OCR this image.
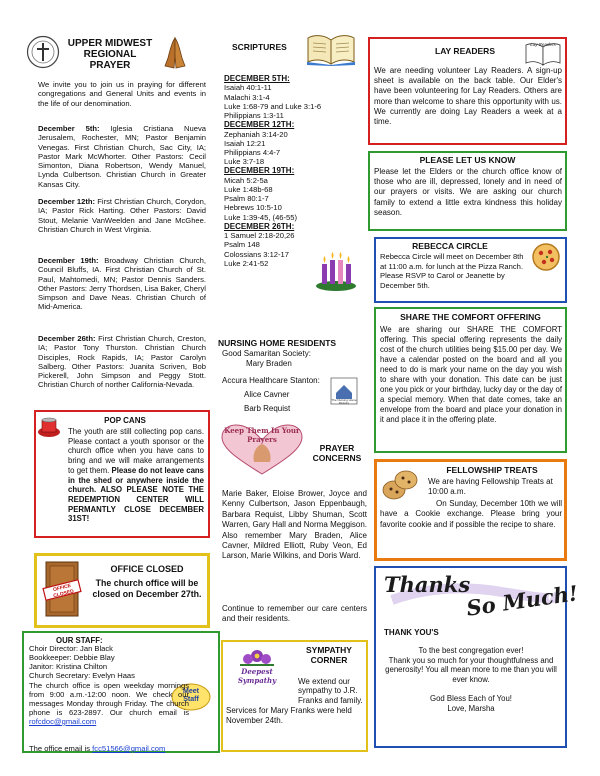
UPPER MIDWEST
REGIONAL
PRAYER
We invite you to join us in praying for different congregations and General Units and events in the life of our denomination.
December 5th: Iglesia Cristiana Nueva Jerusalem, Rochester, MN; Pastor Benjamin Venegas. First Christian Church, Sac City, IA; Pastor Mark McWhorter. Other Pastors: Cecil Simonton, Diana Robertson, Wendy Manuel, Lynda Culbertson. Christian Church in Greater Kansas City.
December 12th: First Christian Church, Corydon, IA; Pastor Rick Harting. Other Pastors: David Stout, Melanie VanWeelden and Jane McGhee. Christian Church in West Virginia.
December 19th: Broadway Christian Church, Council Bluffs, IA. First Christian Church of St. Paul, Mahtomedi, MN; Pastor Dennis Sanders. Other Pastors: Jerry Thordsen, Lisa Baker, Cheryl Simpson and Dave Neas. Christian Church of Mid-America.
December 26th: First Christian Church, Creston, IA; Pastor Tony Thurston. Christian Church Disciples, Rock Rapids, IA; Pastor Carolyn Salberg. Other Pastors: Juanita Scriven, Bob Pickerell, John Simpson and Peggy Stott. Christian Church of norther California-Nevada.
POP CANS
The youth are still collecting pop cans. Please contact a youth sponsor or the church office when you have cans to bring and we will make arrangements to get them. Please do not leave cans in the shed or anywhere inside the church. ALSO PLEASE NOTE THE REDEMPTION CENTER WILL PERMANTLY CLOSE DECEMBER 31ST!
OFFICE CLOSED
OFFICE CLOSED
The church office will be closed on December 27th.
OUR STAFF:
Choir Director: Jan Black
Bookkeeper: Debbie Blay
Janitor: Kristina Chilton
Church Secretary: Evelyn Haas
Meet
Staff
The church office is open weekday mornings from 9:00 a.m.-12:00 noon. We check our messages Monday through Friday. The church phone is 623-2897. Our church email is rofcdoc@gmail.com
The office email is fcc51566@gmail.com
SCRIPTURES
DECEMBER 5TH:
Isaiah 40:1-11
Malachi 3:1-4
Luke 1:68-79 and Luke 3:1-6
Philippians 1:3-11
DECEMBER 12TH:
Zephaniah 3:14-20
Isaiah 12:21
Philippians 4:4-7
Luke 3:7-18
DECEMBER 19TH:
Micah 5:2-5a
Luke 1:48b-68
Psalm 80:1-7
Hebrews 10:5-10
Luke 1:39-45, (46-55)
DECEMBER 26TH:
1 Samuel 2:18-20,26
Psalm 148
Colossians 3:12-17
Luke 2:41-52
NURSING HOME RESIDENTS
Good Samaritan Society:
Mary Braden
Accura Healthcare Stanton:
Alice Cavner
Barb Requist
The Nursing Home Ministry
Keep Them In Your Prayers
PRAYER
CONCERNS
Marie Baker, Eloise Brower, Joyce and Kenny Culbertson, Jason Eppenbaugh, Barbara Requist, Libby Shuman, Scott Warren, Gary Hall and Norma Meggison. Also remember Mary Braden, Alice Cavner, Mildred Elliott, Ruby Veon, Ed Larson, Marie Wilkins, and Doris Ward.
Continue to remember our care centers and their residents.
Deepest Sympathy
SYMPATHY
CORNER
We extend our sympathy to J.R. Franks and family.
Services for Mary Franks were held November 24th.
LAY READERS
Lay Readers
We are needing volunteer Lay Readers. A sign-up sheet is available on the back table. Our Elder's have been volunteering for Lay Readers. Others are more than welcome to share this opportunity with us. We currently are doing Lay Readers a week at a time.
PLEASE LET US KNOW
Please let the Elders or the church office know of those who are ill, depressed, lonely and in need of our prayers or visits. We are asking our church family to extend a little extra kindness this holiday season.
REBECCA CIRCLE
Rebecca Circle will meet on December 8th at 11:00 a.m. for lunch at the Pizza Ranch. Please RSVP to Carol or Jeanette by December 5th.
SHARE THE COMFORT OFFERING
We are sharing our SHARE THE COMFORT offering. This special offering represents the daily cost of the church utilities being $15.00 per day. We have a calendar posted on the board and all you need to do is mark your name on the day you wish to share with your donation. This date can be just one you pick or your birthday, lucky day or the day of a special memory. When that date comes, take an envelope from the board and place your donation in it and place it in the offering plate.
FELLOWSHIP TREATS
We are having Fellowship Treats at 10:00 a.m.
On Sunday, December 10th we will have a Cookie exchange. Please bring your favorite cookie and if possible the recipe to share.
Thanks
So Much!
THANK YOU'S
To the best congregation ever!
Thank you so much for your thoughtfulness and generosity! You all mean more to me than you will ever know.
God Bless Each of You!
Love, Marsha
